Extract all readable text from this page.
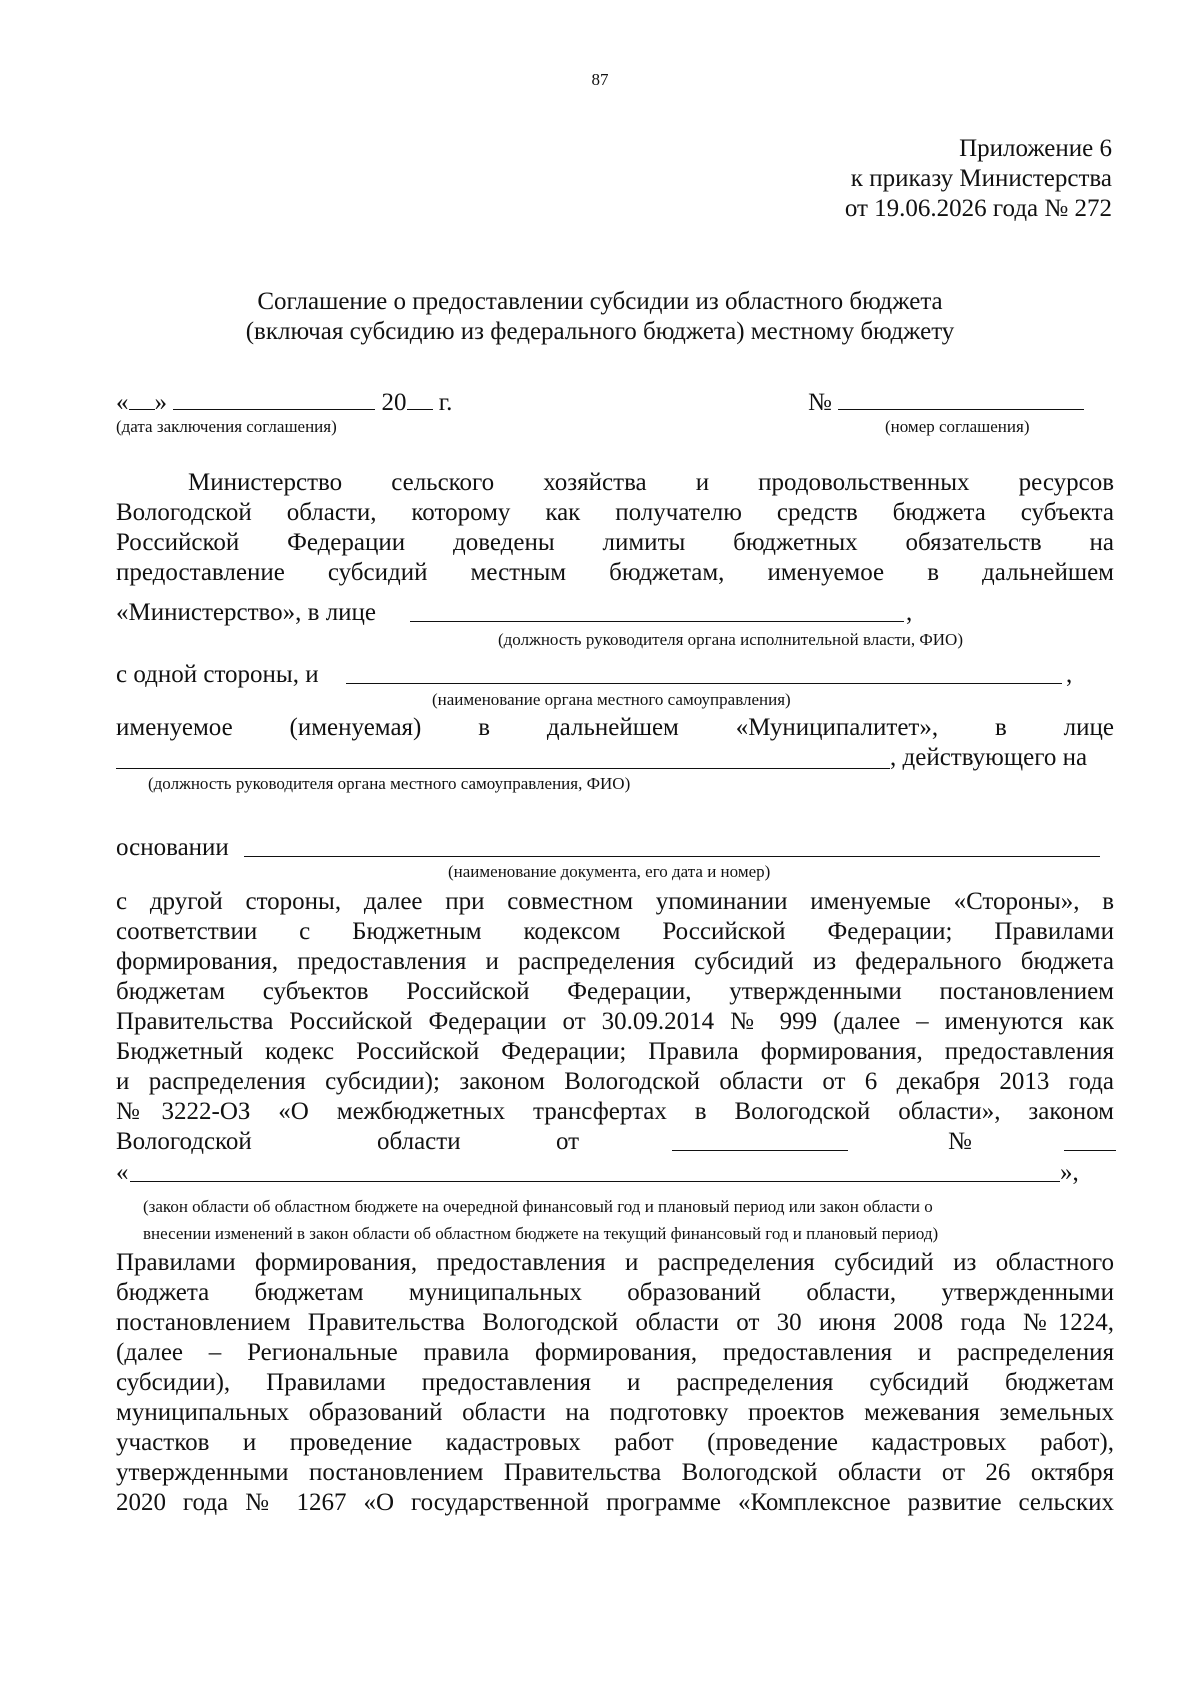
87
Приложение 6
к приказу Министерства
от 19.06.2026 года № 272
Соглашение о предоставлении субсидии из областного бюджета
(включая субсидию из федерального бюджета) местному бюджету
« »	20 г.	№
(дата заключения соглашения)	(номер соглашения)
Министерство сельского хозяйства и продовольственных ресурсов
Вологодской области, которому как получателю средств бюджета субъекта
Российской Федерации доведены лимиты бюджетных обязательств на
предоставление субсидий местным бюджетам, именуемое в дальнейшем
«Министерство», в лице	,
(должность руководителя органа исполнительной власти, ФИО)
с одной стороны, и	,
(наименование органа местного самоуправления)
именуемое (именуемая) в дальнейшем «Муниципалитет», в лице
, действующего на
(должность руководителя органа местного самоуправления, ФИО)
основании
(наименование документа, его дата и номер)
с другой стороны, далее при совместном упоминании именуемые «Стороны», в
соответствии с Бюджетным кодексом Российской Федерации; Правилами
формирования, предоставления и распределения субсидий из федерального бюджета
бюджетам субъектов Российской Федерации, утвержденными постановлением
Правительства Российской Федерации от 30.09.2014 № 999 (далее – именуются как
Бюджетный кодекс Российской Федерации; Правила формирования, предоставления
и распределения субсидии); законом Вологодской области от 6 декабря 2013 года
№3222-ОЗ «О межбюджетных трансфертах в Вологодской области», законом
Вологодской	области	от	№
«	»,
(закон области об областном бюджете на очередной финансовый год и плановый период или закон области о
внесении изменений в закон области об областном бюджете на текущий финансовый год и плановый период)
Правилами формирования, предоставления и распределения субсидий из областного
бюджета бюджетам муниципальных образований области, утвержденными
постановлением Правительства Вологодской области от 30 июня 2008 года №1224,
(далее – Региональные правила формирования, предоставления и распределения
субсидии), Правилами предоставления и распределения субсидий бюджетам
муниципальных образований области на подготовку проектов межевания земельных
участков и проведение кадастровых работ (проведение кадастровых работ),
утвержденными постановлением Правительства Вологодской области от 26 октября
2020 года № 1267 «О государственной программе «Комплексное развитие сельских
